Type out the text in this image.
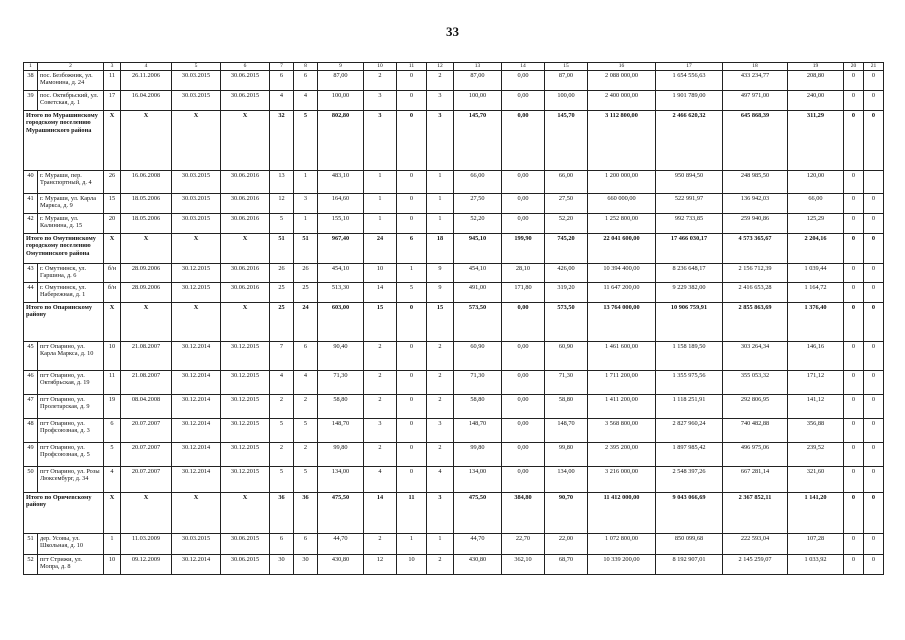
33
1	2	3	4	5	6	7	8	9	10	11	12	13	14	15	16	17	18	19	20	21
38	пос. Безбожник, ул. Мамонина, д. 24	11	26.11.2006	30.03.2015	30.06.2015	6	6	87,00	2	0	2	87,00	0,00	87,00	2 088 000,00	1 654 556,63	433 234,77	208,80	0	0
39	пос. Октябрьский, ул. Советская, д. 1	17	16.04.2006	30.03.2015	30.06.2015	4	4	100,00	3	0	3	100,00	0,00	100,00	2 400 000,00	1 901 789,00	497 971,00	240,00	0	0
Итого по Мурашинскому городскому поселению Мурашинского района		X	X	X	X	32	5	802,80	3	0	3	145,70	0,00	145,70	3 112 800,00	2 466 620,32	645 868,39	311,29	0	0
40	г. Мураши, пер. Транспортный, д. 4	26	16.06.2008	30.03.2015	30.06.2016	13	1	483,10	1	0	1	66,00	0,00	66,00	1 200 000,00	950 894,50	248 985,50	120,00	0	
41	г. Мураши, ул. Карла Маркса, д. 9	15	18.05.2006	30.03.2015	30.06.2016	12	3	164,60	1	0	1	27,50	0,00	27,50	660 000,00	522 991,97	136 942,03	66,00	0	0
42	г. Мураши, ул. Калинина, д. 15	20	18.05.2006	30.03.2015	30.06.2016	5	1	155,10	1	0	1	52,20	0,00	52,20	1 252 800,00	992 733,85	259 940,86	125,29	0	0
Итого по Омутнинскому городскому поселению Омутнинского района		X	X	X	X	51	51	967,40	24	6	18	945,10	199,90	745,20	22 041 600,00	17 466 030,17	4 573 365,67	2 204,16	0	0
43	г. Омутнинск, ул. Гаршина, д. 6	б/н	28.09.2006	30.12.2015	30.06.2016	26	26	454,10	10	1	9	454,10	28,10	426,00	10 394 400,00	8 236 648,17	2 156 712,39	1 039,44	0	0
44	г. Омутнинск, ул. Набережная, д. 1	б/н	28.09.2006	30.12.2015	30.06.2016	25	25	513,30	14	5	9	491,00	171,80	319,20	11 647 200,00	9 229 382,00	2 416 653,28	1 164,72	0	0
Итого по Опаринскому району		X	X	X	X	25	24	603,00	15	0	15	573,50	0,00	573,50	13 764 000,00	10 906 759,91	2 855 863,69	1 376,40	0	0
45	пгт Опарино, ул. Карла Маркса, д. 10	10	21.08.2007	30.12.2014	30.12.2015	7	6	90,40	2	0	2	60,90	0,00	60,90	1 461 600,00	1 158 189,50	303 264,34	146,16	0	0
46	пгт Опарино, ул. Октябрьская, д. 19	11	21.08.2007	30.12.2014	30.12.2015	4	4	71,30	2	0	2	71,30	0,00	71,30	1 711 200,00	1 355 975,56	355 053,32	171,12	0	0
47	пгт Опарино, ул. Пролетарская, д. 9	19	08.04.2008	30.12.2014	30.12.2015	2	2	58,80	2	0	2	58,80	0,00	58,80	1 411 200,00	1 118 251,91	292 806,95	141,12	0	0
48	пгт Опарино, ул. Профсоюзная, д. 3	6	20.07.2007	30.12.2014	30.12.2015	5	5	148,70	3	0	3	148,70	0,00	148,70	3 568 800,00	2 827 960,24	740 482,88	356,88	0	0
49	пгт Опарино, ул. Профсоюзная, д. 5	5	20.07.2007	30.12.2014	30.12.2015	2	2	99,80	2	0	2	99,80	0,00	99,80	2 395 200,00	1 897 985,42	496 975,06	239,52	0	0
50	пгт Опарино, ул. Розы Люксембург, д. 34	4	20.07.2007	30.12.2014	30.12.2015	5	5	134,00	4	0	4	134,00	0,00	134,00	3 216 000,00	2 548 397,26	667 281,14	321,60	0	0
Итого по Оричевскому району		X	X	X	X	36	36	475,50	14	11	3	475,50	384,80	90,70	11 412 000,00	9 043 066,69	2 367 852,11	1 141,20	0	0
51	дер. Усовы, ул. Школьная, д. 10	1	11.03.2009	30.03.2015	30.06.2015	6	6	44,70	2	1	1	44,70	22,70	22,00	1 072 800,00	850 099,68	222 593,04	107,28	0	0
52	пгт Стрижи, ул. Мопра, д. 8	10	09.12.2009	30.12.2014	30.06.2015	30	30	430,80	12	10	2	430,80	362,10	68,70	10 339 200,00	8 192 907,01	2 145 259,07	1 033,92	0	0
